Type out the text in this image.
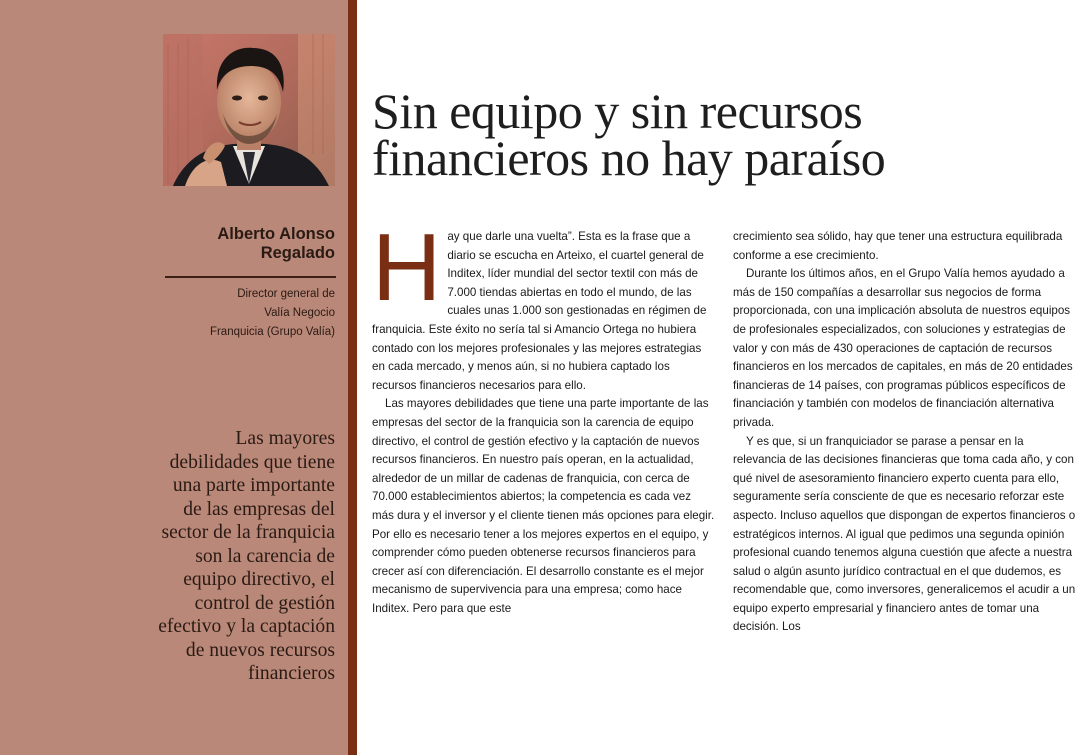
Alberto Alonso
Regalado
Director general de
Valía Negocio
Franquicia (Grupo Valía)
Las mayores
debilidades que tiene
una parte importante
de las empresas del
sector de la franquicia
son la carencia de
equipo directivo, el
control de gestión
efectivo y la captación
de nuevos recursos
financieros
Sin equipo y sin recursos
financieros no hay paraíso

Hay que darle una vuelta”. Esta es la frase que a diario se escucha en Arteixo, el cuartel general de Inditex, líder mundial del sector textil con más de 7.000 tiendas abiertas en todo el mundo, de las cuales unas 1.000 son gestionadas en régimen de franquicia. Este éxito no sería tal si Amancio Ortega no hubiera contado con los mejores profesionales y las mejores estrategias en cada mercado, y menos aún, si no hubiera captado los recursos financieros necesarios para ello.

Las mayores debilidades que tiene una parte importante de las empresas del sector de la franquicia son la carencia de equipo directivo, el control de gestión efectivo y la captación de nuevos recursos financieros. En nuestro país operan, en la actualidad, alrededor de un millar de cadenas de franquicia, con cerca de 70.000 establecimientos abiertos; la competencia es cada vez más dura y el inversor y el cliente tienen más opciones para elegir. Por ello es necesario tener a los mejores expertos en el equipo, y comprender cómo pueden obtenerse recursos financieros para crecer así con diferenciación. El desarrollo constante es el mejor mecanismo de supervivencia para una empresa; como hace Inditex. Pero para que este

crecimiento sea sólido, hay que tener una estructura equilibrada conforme a ese crecimiento.

Durante los últimos años, en el Grupo Valía hemos ayudado a más de 150 compañías a desarrollar sus negocios de forma proporcionada, con una implicación absoluta de nuestros equipos de profesionales especializados, con soluciones y estrategias de valor y con más de 430 operaciones de captación de recursos financieros en los mercados de capitales, en más de 20 entidades financieras de 14 países, con programas públicos específicos de financiación y también con modelos de financiación alternativa privada.

Y es que, si un franquiciador se parase a pensar en la relevancia de las decisiones financieras que toma cada año, y con qué nivel de asesoramiento financiero experto cuenta para ello, seguramente sería consciente de que es necesario reforzar este aspecto. Incluso aquellos que dispongan de expertos financieros o estratégicos internos. Al igual que pedimos una segunda opinión profesional cuando tenemos alguna cuestión que afecte a nuestra salud o algún asunto jurídico contractual en el que dudemos, es recomendable que, como inversores, generalicemos el acudir a un equipo experto empresarial y financiero antes de tomar una decisión. Los
